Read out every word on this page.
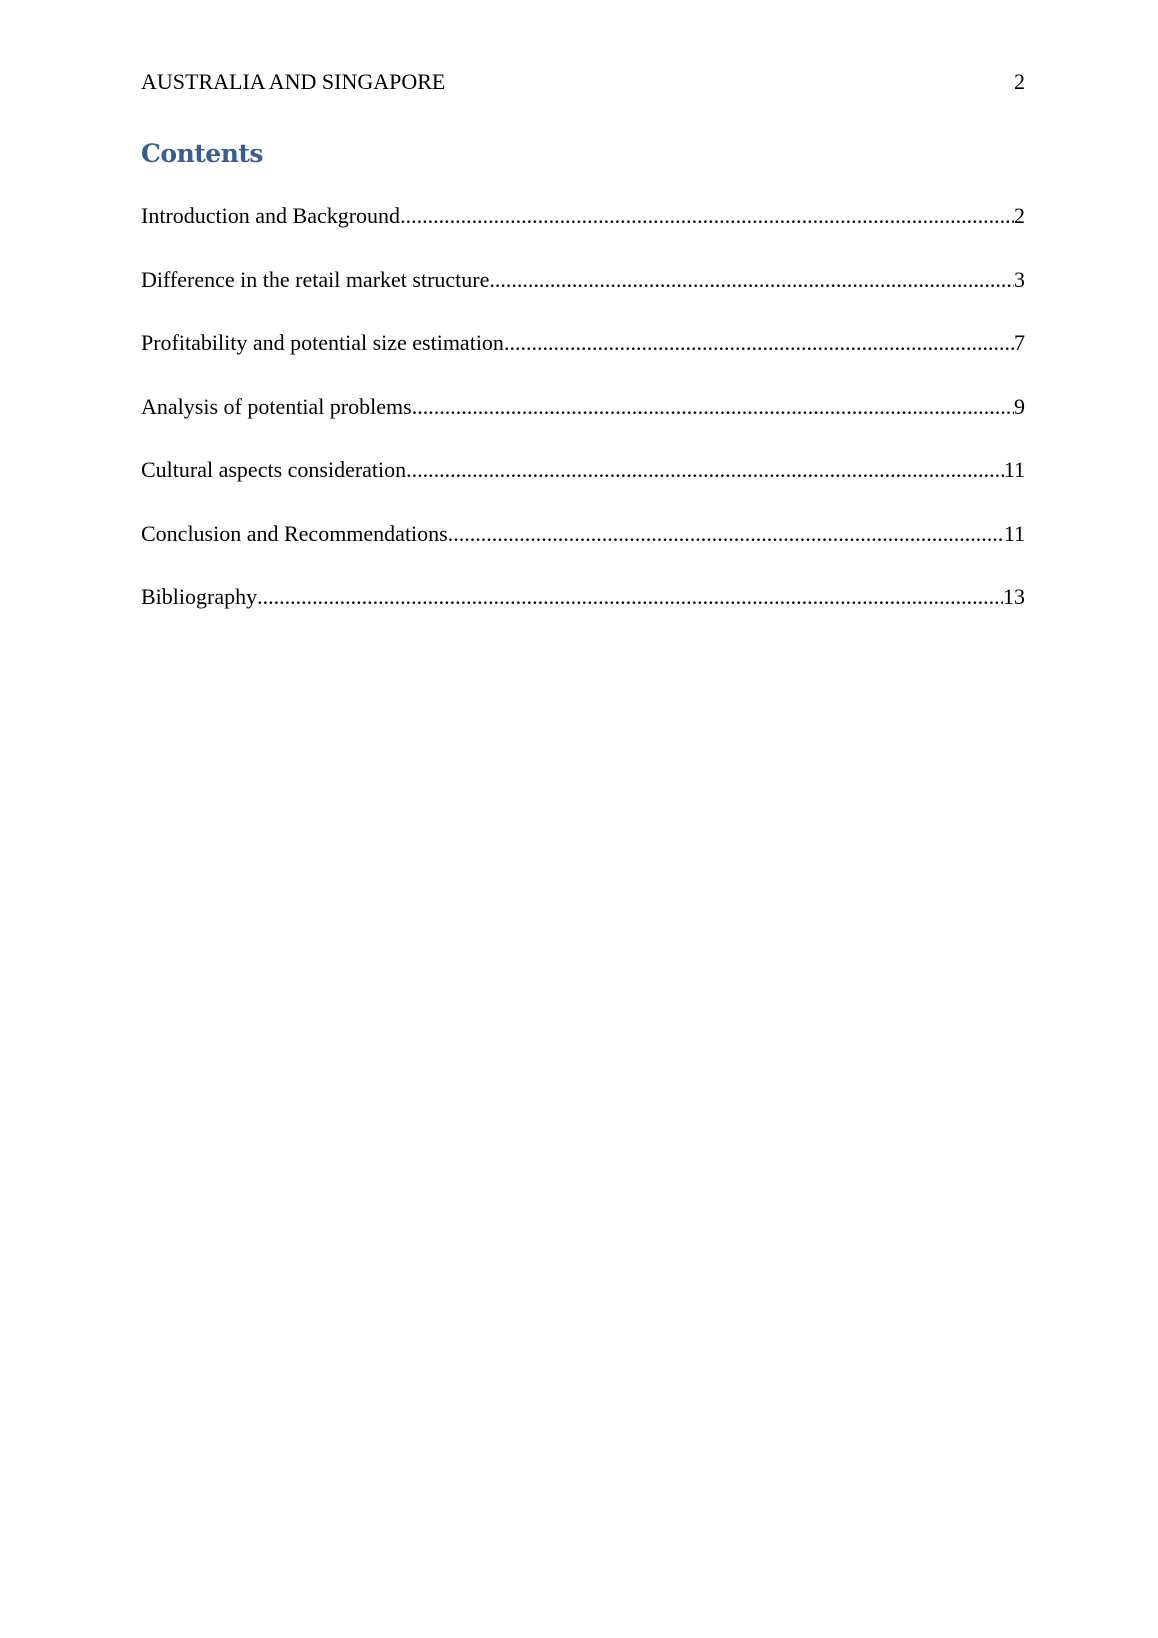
AUSTRALIA AND SINGAPORE	2
Contents
Introduction and Background .....	2
Difference in the retail market structure .....	3
Profitability and potential size estimation .....	7
Analysis of potential problems .....	9
Cultural aspects consideration .....	11
Conclusion and Recommendations .....	11
Bibliography .....	13
